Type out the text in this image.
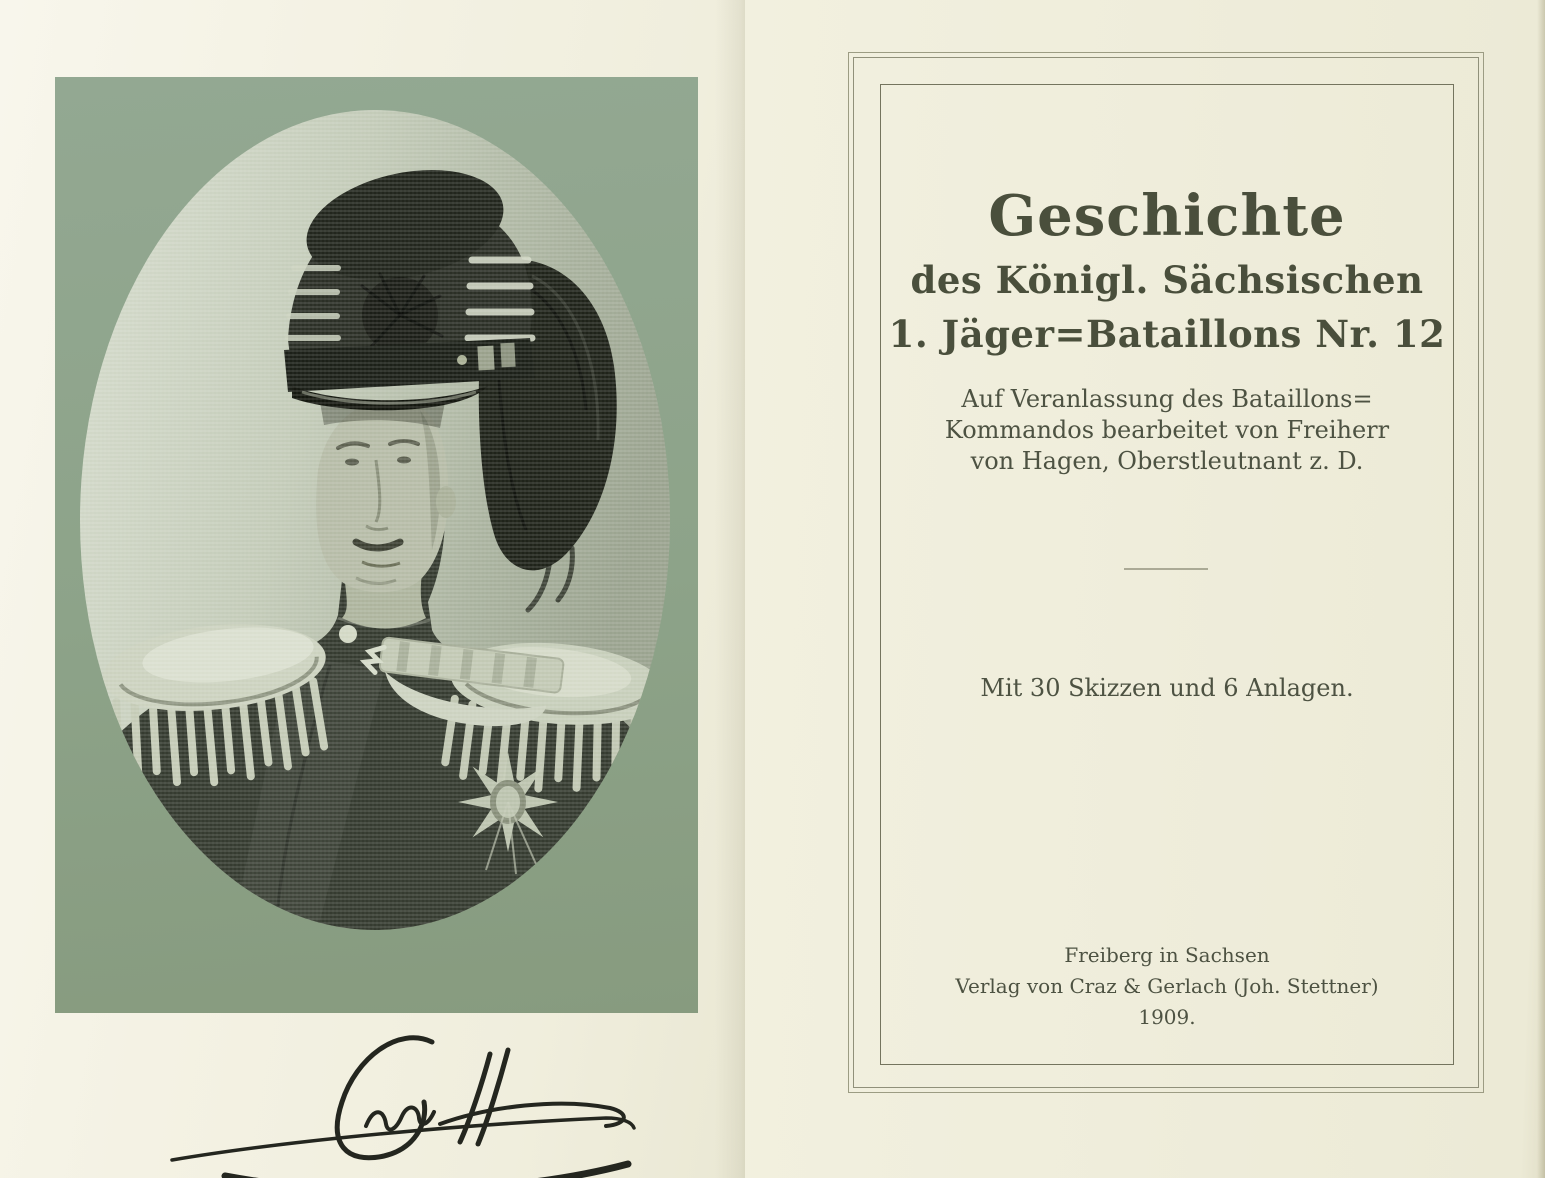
Geschichte
des Königl. Sächsischen
1. Jäger=Bataillons Nr. 12
Auf Veranlassung des Bataillons=
Kommandos bearbeitet von Freiherr
von Hagen, Oberstleutnant z. D.
Mit 30 Skizzen und 6 Anlagen.
Freiberg in Sachsen
Verlag von Craz & Gerlach (Joh. Stettner)
1909.
